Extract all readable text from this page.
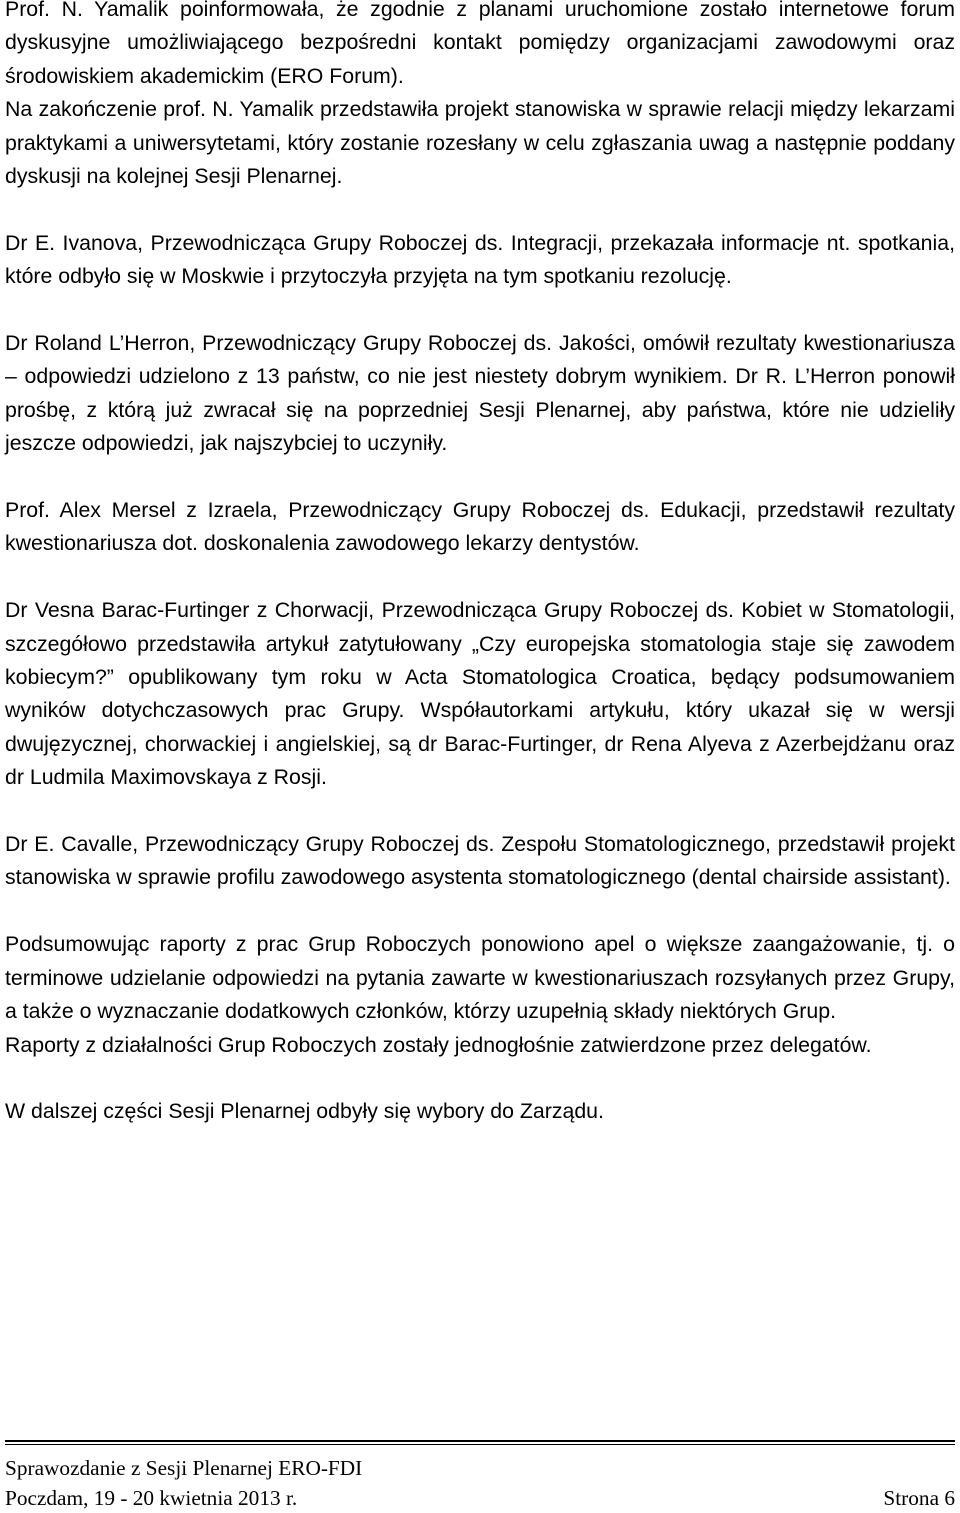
Prof. N. Yamalik poinformowała, że zgodnie z planami uruchomione zostało internetowe forum dyskusyjne umożliwiającego bezpośredni kontakt pomiędzy organizacjami zawodowymi oraz środowiskiem akademickim (ERO Forum).

Na zakończenie prof. N. Yamalik przedstawiła projekt stanowiska w sprawie relacji między lekarzami praktykami a uniwersytetami, który zostanie rozesłany w celu zgłaszania uwag a następnie poddany dyskusji na kolejnej Sesji Plenarnej.

Dr E. Ivanova, Przewodnicząca Grupy Roboczej ds. Integracji, przekazała informacje nt. spotkania, które odbyło się w Moskwie i przytoczyła przyjęta na tym spotkaniu rezolucję.

Dr Roland L’Herron, Przewodniczący Grupy Roboczej ds. Jakości, omówił rezultaty kwestionariusza – odpowiedzi udzielono z 13 państw, co nie jest niestety dobrym wynikiem. Dr R. L’Herron ponowił prośbę, z którą już zwracał się na poprzedniej Sesji Plenarnej, aby państwa, które nie udzieliły jeszcze odpowiedzi, jak najszybciej to uczyniły.

Prof. Alex Mersel z Izraela, Przewodniczący Grupy Roboczej ds. Edukacji, przedstawił rezultaty kwestionariusza dot. doskonalenia zawodowego lekarzy dentystów.

Dr Vesna Barac-Furtinger z Chorwacji, Przewodnicząca Grupy Roboczej ds. Kobiet w Stomatologii, szczegółowo przedstawiła artykuł zatytułowany „Czy europejska stomatologia staje się zawodem kobiecym?” opublikowany tym roku w Acta Stomatologica Croatica, będący podsumowaniem wyników dotychczasowych prac Grupy. Współautorkami artykułu, który ukazał się w wersji dwujęzycznej, chorwackiej i angielskiej, są dr Barac-Furtinger, dr Rena Alyeva z Azerbejdżanu oraz dr Ludmila Maximovskaya z Rosji.

Dr E. Cavalle, Przewodniczący Grupy Roboczej ds. Zespołu Stomatologicznego, przedstawił projekt stanowiska w sprawie profilu zawodowego asystenta stomatologicznego (dental chairside assistant).

Podsumowując raporty z prac Grup Roboczych ponowiono apel o większe zaangażowanie, tj. o terminowe udzielanie odpowiedzi na pytania zawarte w kwestionariuszach rozsyłanych przez Grupy, a także o wyznaczanie dodatkowych członków, którzy uzupełnią składy niektórych Grup.

Raporty z działalności Grup Roboczych zostały jednogłośnie zatwierdzone przez delegatów.

W dalszej części Sesji Plenarnej odbyły się wybory do Zarządu.

Sprawozdanie z Sesji Plenarnej ERO-FDI
Poczdam, 19 - 20 kwietnia 2013 r.	Strona 6
